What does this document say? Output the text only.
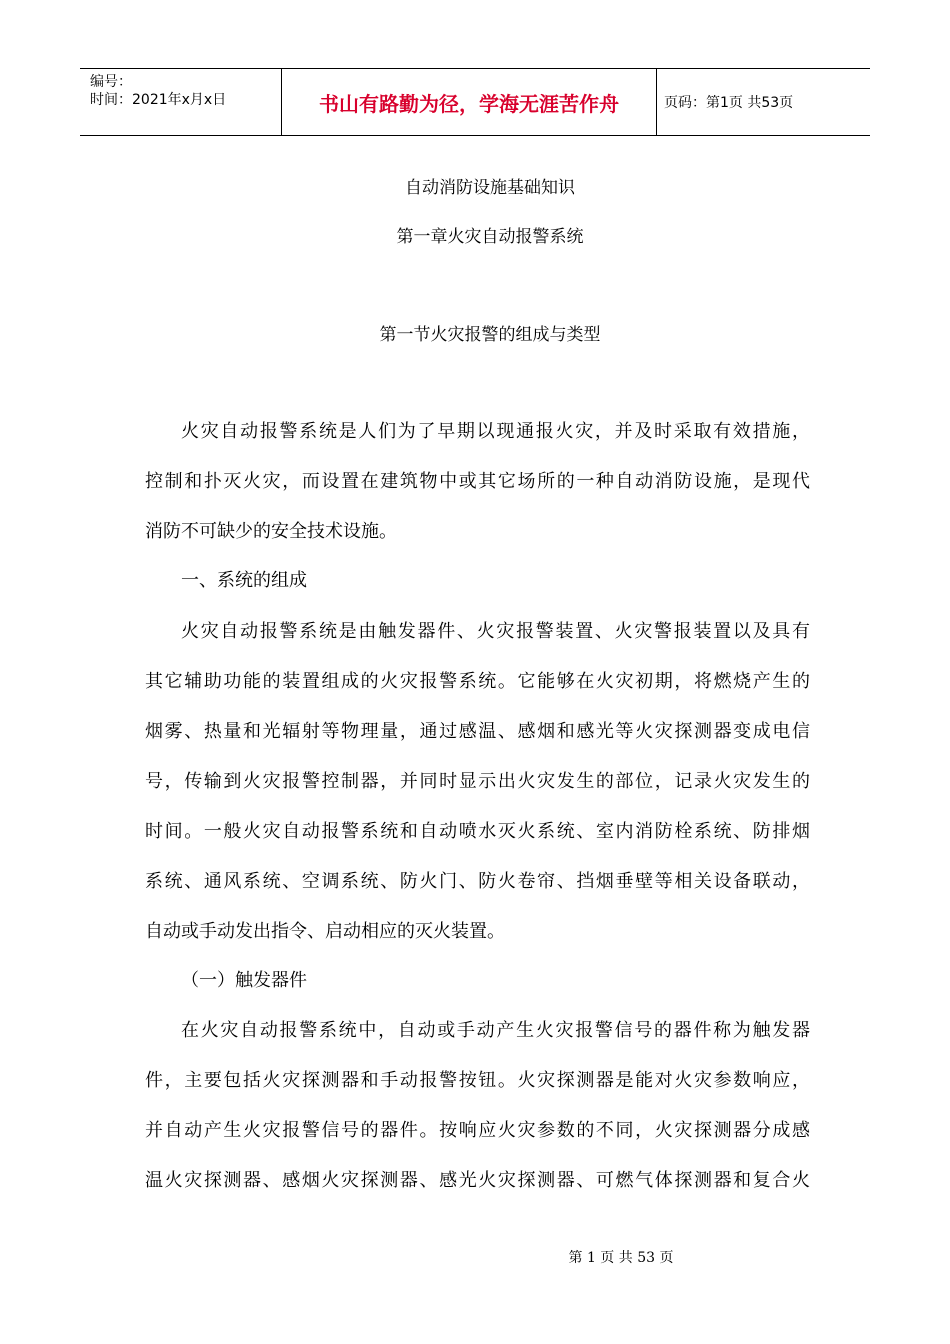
编号：
时间：2021年x月x日	书山有路勤为径，学海无涯苦作舟	页码：第1页 共53页
自动消防设施基础知识
第一章火灾自动报警系统
第一节火灾报警的组成与类型
火灾自动报警系统是人们为了早期以现通报火灾，并及时采取有效措施，
控制和扑灭火灾，而设置在建筑物中或其它场所的一种自动消防设施，是现代
消防不可缺少的安全技术设施。
一、系统的组成
火灾自动报警系统是由触发器件、火灾报警装置、火灾警报装置以及具有
其它辅助功能的装置组成的火灾报警系统。它能够在火灾初期，将燃烧产生的
烟雾、热量和光辐射等物理量，通过感温、感烟和感光等火灾探测器变成电信
号，传输到火灾报警控制器，并同时显示出火灾发生的部位，记录火灾发生的
时间。一般火灾自动报警系统和自动喷水灭火系统、室内消防栓系统、防排烟
系统、通风系统、空调系统、防火门、防火卷帘、挡烟垂壁等相关设备联动，
自动或手动发出指令、启动相应的灭火装置。
（一）触发器件
在火灾自动报警系统中，自动或手动产生火灾报警信号的器件称为触发器
件，主要包括火灾探测器和手动报警按钮。火灾探测器是能对火灾参数响应，
并自动产生火灾报警信号的器件。按响应火灾参数的不同，火灾探测器分成感
温火灾探测器、感烟火灾探测器、感光火灾探测器、可燃气体探测器和复合火
第 1 页 共 53 页
